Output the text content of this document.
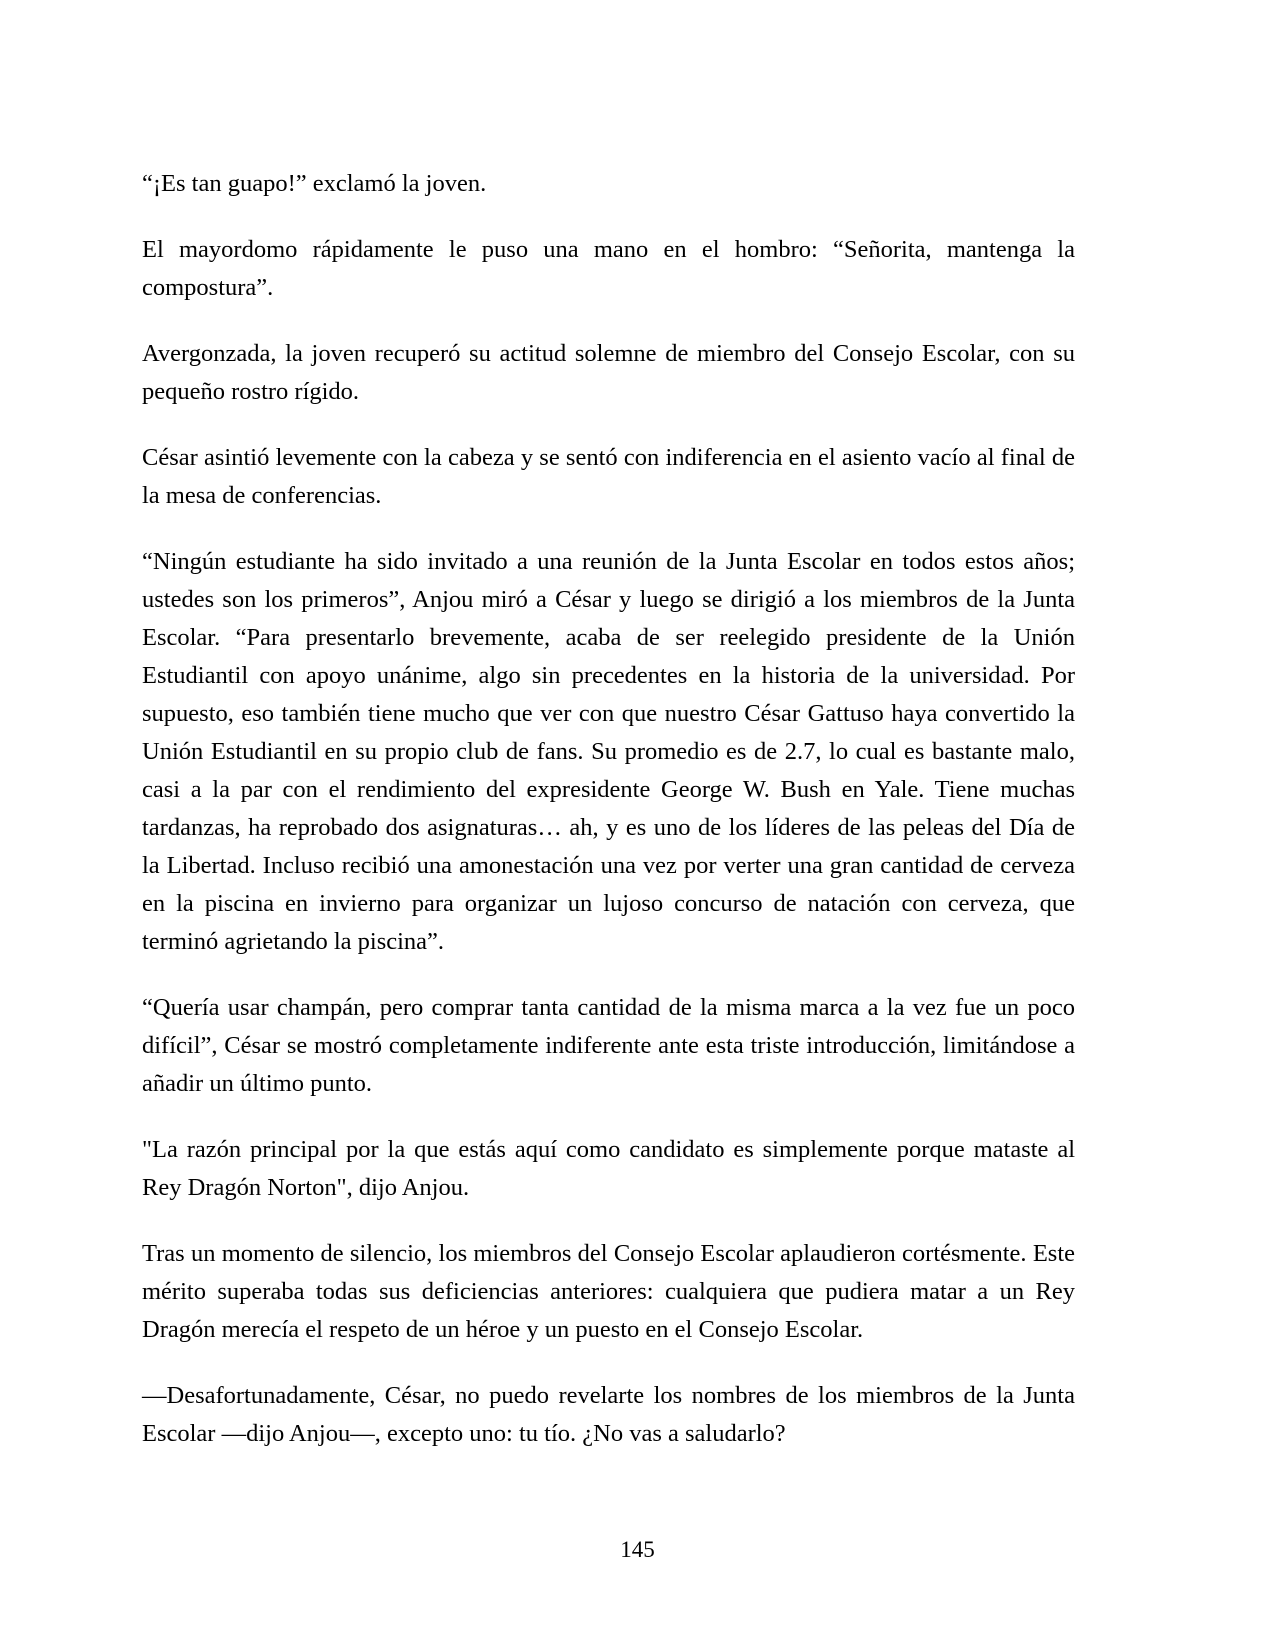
“¡Es tan guapo!” exclamó la joven.

El mayordomo rápidamente le puso una mano en el hombro: “Señorita, mantenga la compostura”.

Avergonzada, la joven recuperó su actitud solemne de miembro del Consejo Escolar, con su pequeño rostro rígido.

César asintió levemente con la cabeza y se sentó con indiferencia en el asiento vacío al final de la mesa de conferencias.

“Ningún estudiante ha sido invitado a una reunión de la Junta Escolar en todos estos años; ustedes son los primeros”, Anjou miró a César y luego se dirigió a los miembros de la Junta Escolar. “Para presentarlo brevemente, acaba de ser reelegido presidente de la Unión Estudiantil con apoyo unánime, algo sin precedentes en la historia de la universidad. Por supuesto, eso también tiene mucho que ver con que nuestro César Gattuso haya convertido la Unión Estudiantil en su propio club de fans. Su promedio es de 2.7, lo cual es bastante malo, casi a la par con el rendimiento del expresidente George W. Bush en Yale. Tiene muchas tardanzas, ha reprobado dos asignaturas… ah, y es uno de los líderes de las peleas del Día de la Libertad. Incluso recibió una amonestación una vez por verter una gran cantidad de cerveza en la piscina en invierno para organizar un lujoso concurso de natación con cerveza, que terminó agrietando la piscina”.

“Quería usar champán, pero comprar tanta cantidad de la misma marca a la vez fue un poco difícil”, César se mostró completamente indiferente ante esta triste introducción, limitándose a añadir un último punto.

"La razón principal por la que estás aquí como candidato es simplemente porque mataste al Rey Dragón Norton", dijo Anjou.

Tras un momento de silencio, los miembros del Consejo Escolar aplaudieron cortésmente. Este mérito superaba todas sus deficiencias anteriores: cualquiera que pudiera matar a un Rey Dragón merecía el respeto de un héroe y un puesto en el Consejo Escolar.

—Desafortunadamente, César, no puedo revelarte los nombres de los miembros de la Junta Escolar —dijo Anjou—, excepto uno: tu tío. ¿No vas a saludarlo?

145
